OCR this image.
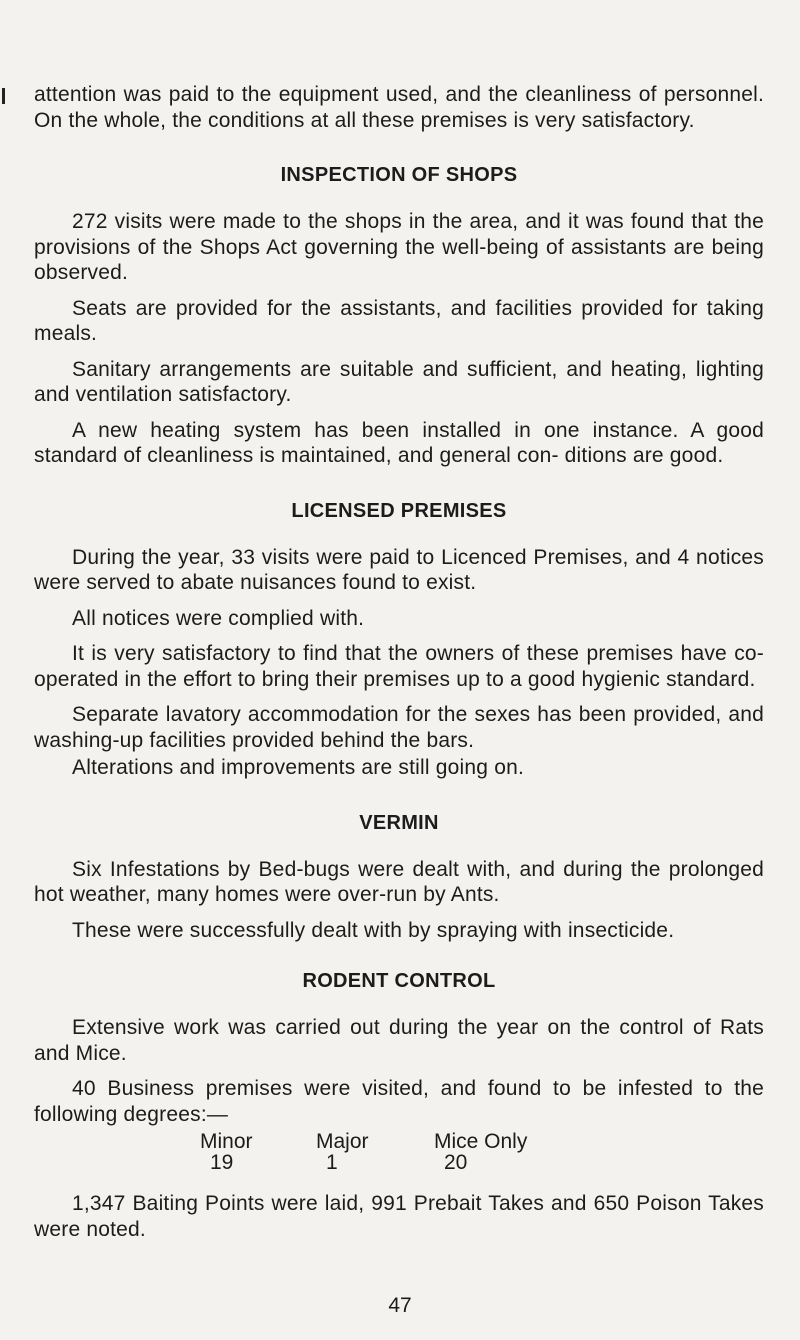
attention was paid to the equipment used, and the cleanliness of personnel. On the whole, the conditions at all these premises is very satisfactory.

INSPECTION OF SHOPS

272 visits were made to the shops in the area, and it was found that the provisions of the Shops Act governing the well-being of assistants are being observed.

Seats are provided for the assistants, and facilities provided for taking meals.

Sanitary arrangements are suitable and sufficient, and heating, lighting and ventilation satisfactory.

A new heating system has been installed in one instance. A good standard of cleanliness is maintained, and general con- ditions are good.

LICENSED PREMISES

During the year, 33 visits were paid to Licenced Premises, and 4 notices were served to abate nuisances found to exist.

All notices were complied with.

It is very satisfactory to find that the owners of these premises have co-operated in the effort to bring their premises up to a good hygienic standard.

Separate lavatory accommodation for the sexes has been provided, and washing-up facilities provided behind the bars.

Alterations and improvements are still going on.

VERMIN

Six Infestations by Bed-bugs were dealt with, and during the prolonged hot weather, many homes were over-run by Ants.

These were successfully dealt with by spraying with insecticide.

RODENT CONTROL

Extensive work was carried out during the year on the control of Rats and Mice.

40 Business premises were visited, and found to be infested to the following degrees:—

Minor	Major	Mice Only
19	1	20

1,347 Baiting Points were laid, 991 Prebait Takes and 650 Poison Takes were noted.

47
